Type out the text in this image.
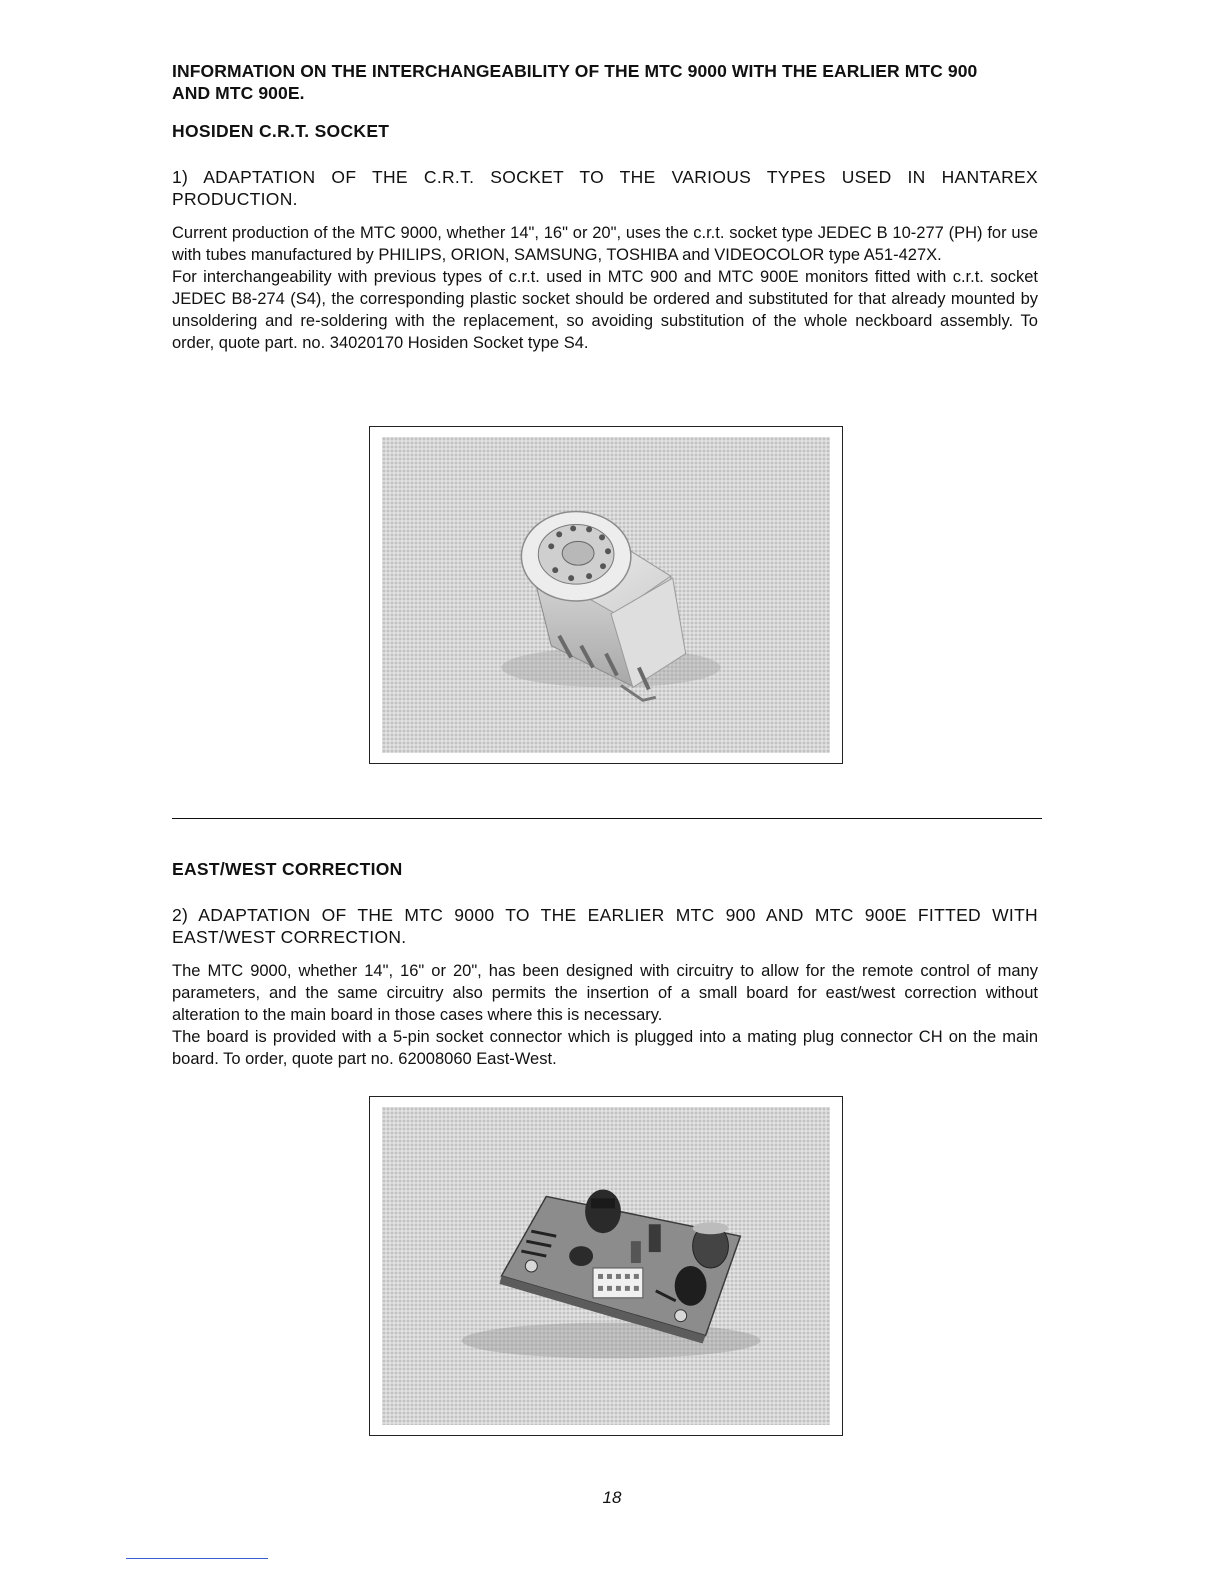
INFORMATION ON THE INTERCHANGEABILITY OF THE MTC 9000 WITH THE EARLIER MTC 900
AND MTC 900E.
HOSIDEN C.R.T. SOCKET
1) ADAPTATION OF THE C.R.T. SOCKET TO THE VARIOUS TYPES USED IN HANTAREX PRODUCTION.

Current production of the MTC 9000, whether 14", 16" or 20", uses the c.r.t. socket type JEDEC B 10-277 (PH) for use with tubes manufactured by PHILIPS, ORION, SAMSUNG, TOSHIBA and VIDEOCOLOR type A51-427X.

For interchangeability with previous types of c.r.t. used in MTC 900 and MTC 900E monitors fitted with c.r.t. socket JEDEC B8-274 (S4), the corresponding plastic socket should be ordered and substituted for that already mounted by unsoldering and re-soldering with the replacement, so avoiding substitution of the whole neckboard assembly. To order, quote part. no. 34020170 Hosiden Socket type S4.

EAST/WEST CORRECTION
2) ADAPTATION OF THE MTC 9000 TO THE EARLIER MTC 900 AND MTC 900E FITTED WITH EAST/WEST CORRECTION.

The MTC 9000, whether 14", 16" or 20", has been designed with circuitry to allow for the remote control of many parameters, and the same circuitry also permits the insertion of a small board for east/west correction without alteration to the main board in those cases where this is necessary.

The board is provided with a 5-pin socket connector which is plugged into a mating plug connector CH on the main board. To order, quote part no. 62008060 East-West.

18
